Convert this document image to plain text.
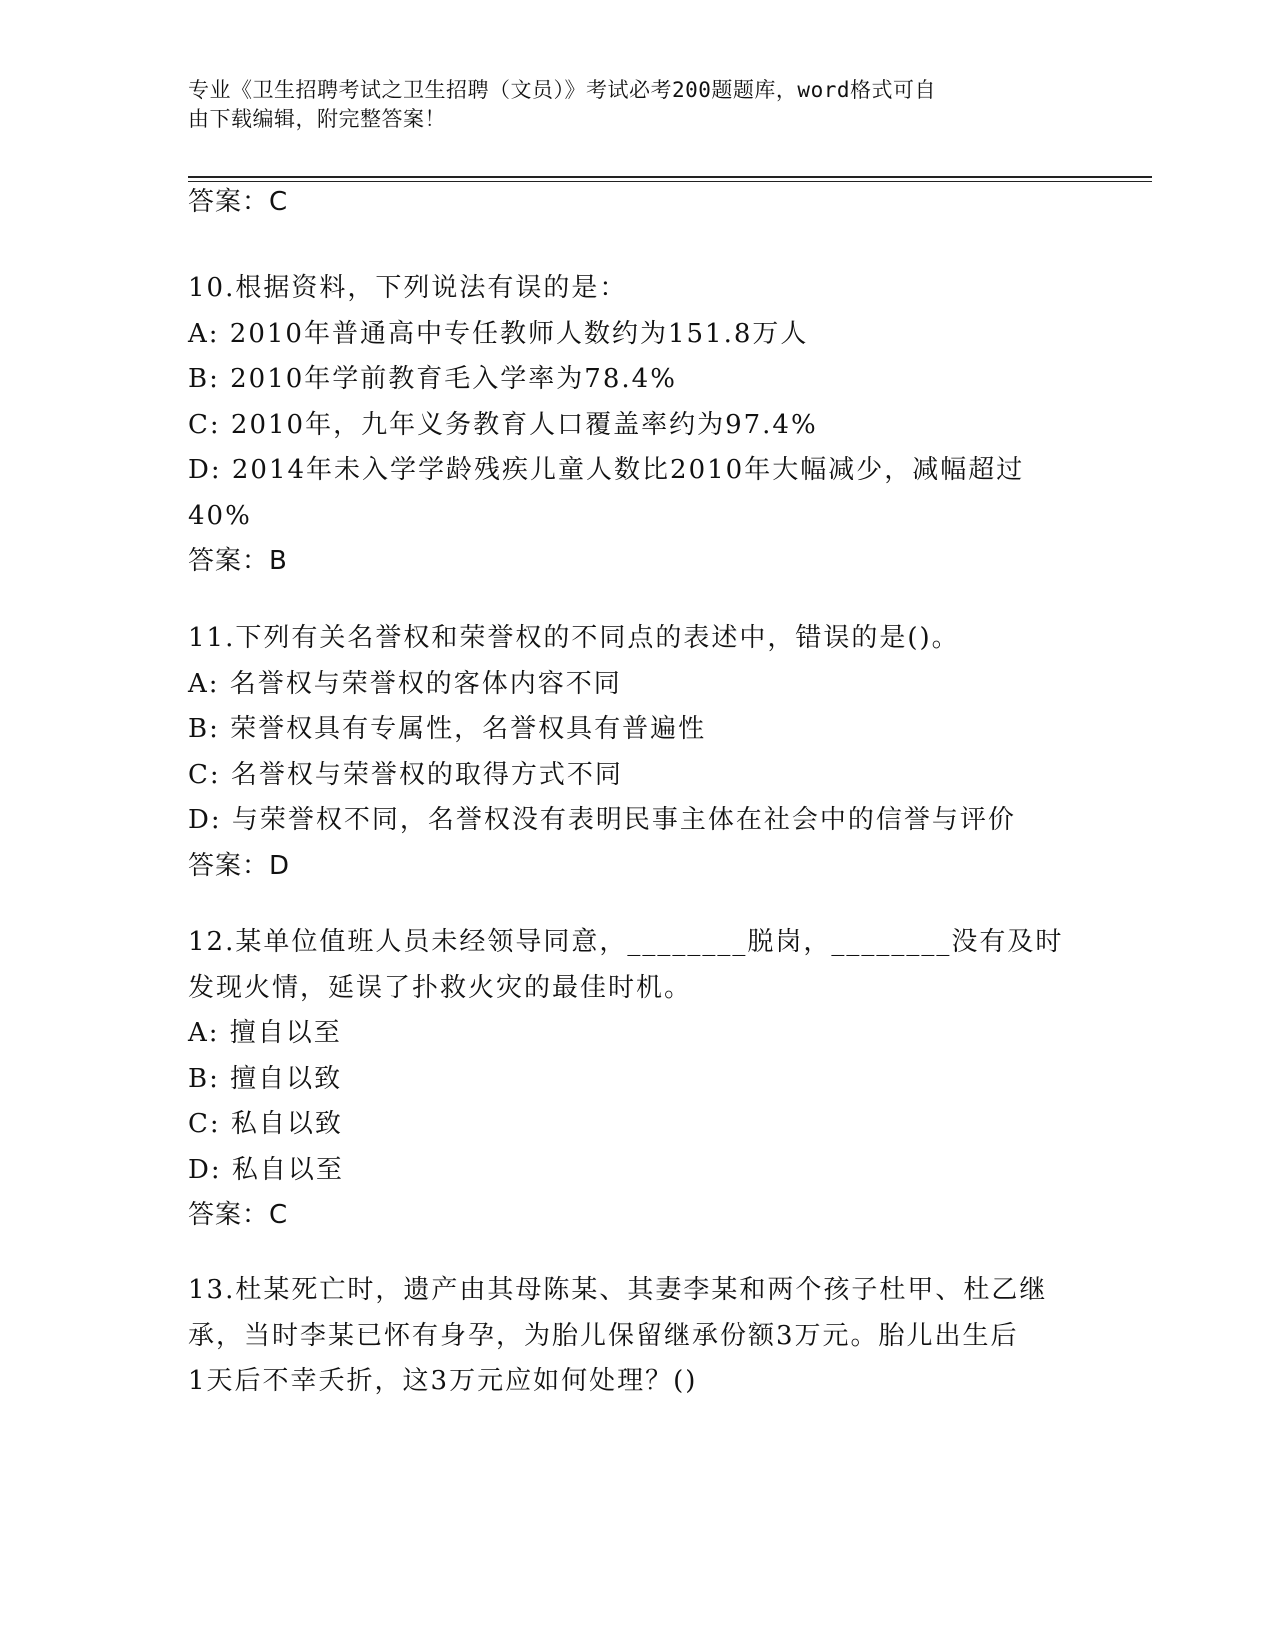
专业《卫生招聘考试之卫生招聘（文员）》考试必考200题题库，word格式可自
由下载编辑，附完整答案！
答案：C
10.根据资料，下列说法有误的是：
A: 2010年普通高中专任教师人数约为151.8万人
B: 2010年学前教育毛入学率为78.4%
C: 2010年，九年义务教育人口覆盖率约为97.4%
D: 2014年未入学学龄残疾儿童人数比2010年大幅减少，减幅超过
40%
答案：B
11.下列有关名誉权和荣誉权的不同点的表述中，错误的是()。
A: 名誉权与荣誉权的客体内容不同
B: 荣誉权具有专属性，名誉权具有普遍性
C: 名誉权与荣誉权的取得方式不同
D: 与荣誉权不同，名誉权没有表明民事主体在社会中的信誉与评价
答案：D
12.某单位值班人员未经领导同意，________脱岗，________没有及时
发现火情，延误了扑救火灾的最佳时机。
A: 擅自以至
B: 擅自以致
C: 私自以致
D: 私自以至
答案：C
13.杜某死亡时，遗产由其母陈某、其妻李某和两个孩子杜甲、杜乙继
承，当时李某已怀有身孕，为胎儿保留继承份额3万元。胎儿出生后
1天后不幸夭折，这3万元应如何处理？()
